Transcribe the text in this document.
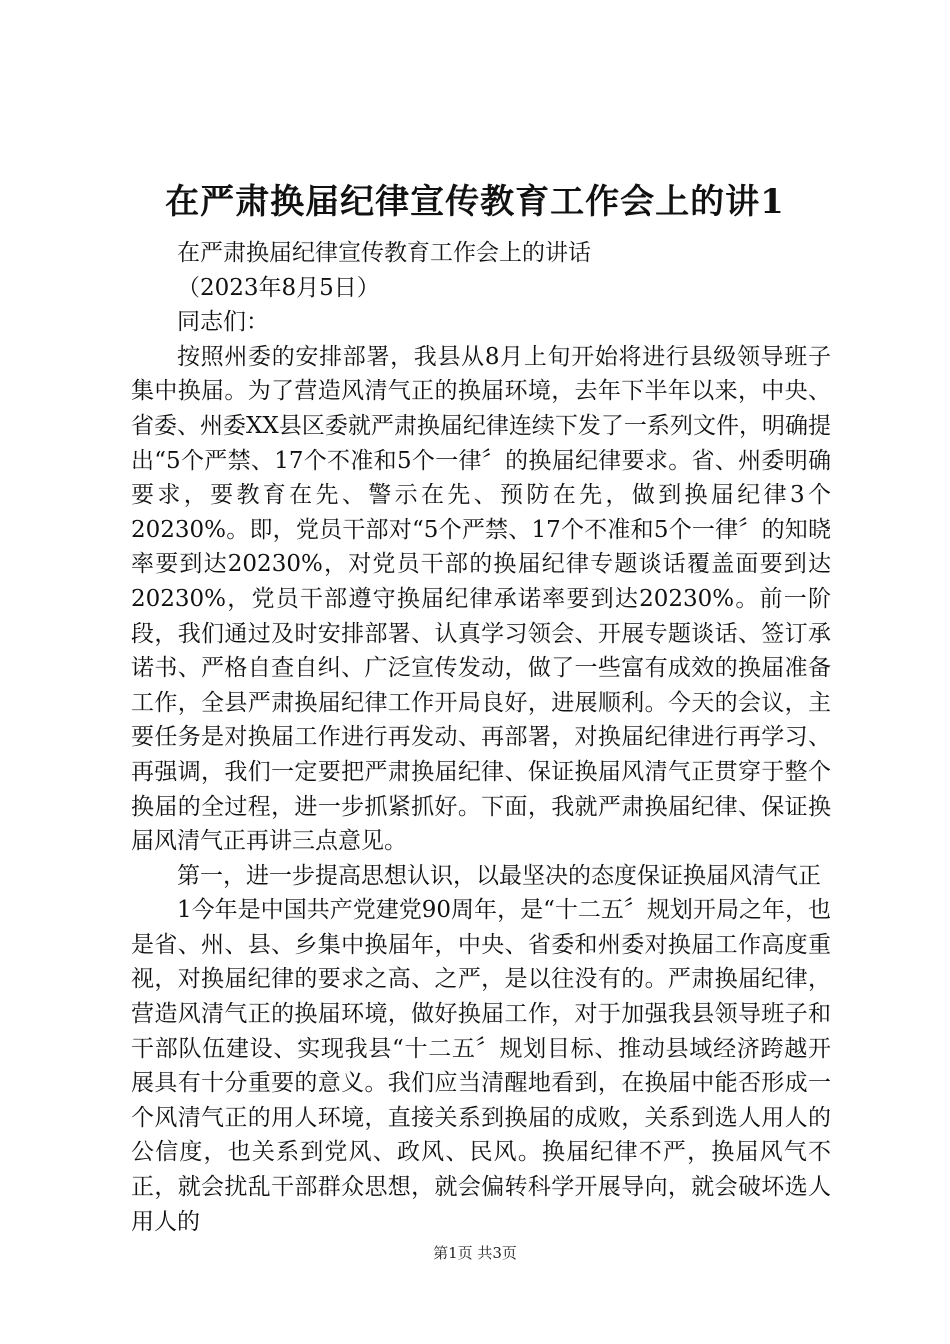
在严肃换届纪律宣传教育工作会上的讲1

在严肃换届纪律宣传教育工作会上的讲话

（2023年8月5日）

同志们：

按照州委的安排部署，我县从8月上旬开始将进行县级领导班子集中换届。为了营造风清气正的换届环境，去年下半年以来，中央、省委、州委XX县区委就严肃换届纪律连续下发了一系列文件，明确提出“5个严禁、17个不准和5个一律〞的换届纪律要求。省、州委明确要求，要教育在先、警示在先、预防在先，做到换届纪律3个20230%。即，党员干部对“5个严禁、17个不准和5个一律〞的知晓率要到达20230%，对党员干部的换届纪律专题谈话覆盖面要到达20230%，党员干部遵守换届纪律承诺率要到达20230%。前一阶段，我们通过及时安排部署、认真学习领会、开展专题谈话、签订承诺书、严格自查自纠、广泛宣传发动，做了一些富有成效的换届准备工作，全县严肃换届纪律工作开局良好，进展顺利。今天的会议，主要任务是对换届工作进行再发动、再部署，对换届纪律进行再学习、再强调，我们一定要把严肃换届纪律、保证换届风清气正贯穿于整个换届的全过程，进一步抓紧抓好。下面，我就严肃换届纪律、保证换届风清气正再讲三点意见。

第一，进一步提高思想认识，以最坚决的态度保证换届风清气正

1今年是中国共产党建党90周年，是“十二五〞规划开局之年，也是省、州、县、乡集中换届年，中央、省委和州委对换届工作高度重视，对换届纪律的要求之高、之严，是以往没有的。严肃换届纪律，营造风清气正的换届环境，做好换届工作，对于加强我县领导班子和干部队伍建设、实现我县“十二五〞规划目标、推动县域经济跨越开展具有十分重要的意义。我们应当清醒地看到，在换届中能否形成一个风清气正的用人环境，直接关系到换届的成败，关系到选人用人的公信度，也关系到党风、政风、民风。换届纪律不严，换届风气不正，就会扰乱干部群众思想，就会偏转科学开展导向，就会破坏选人用人的

第1页 共3页
